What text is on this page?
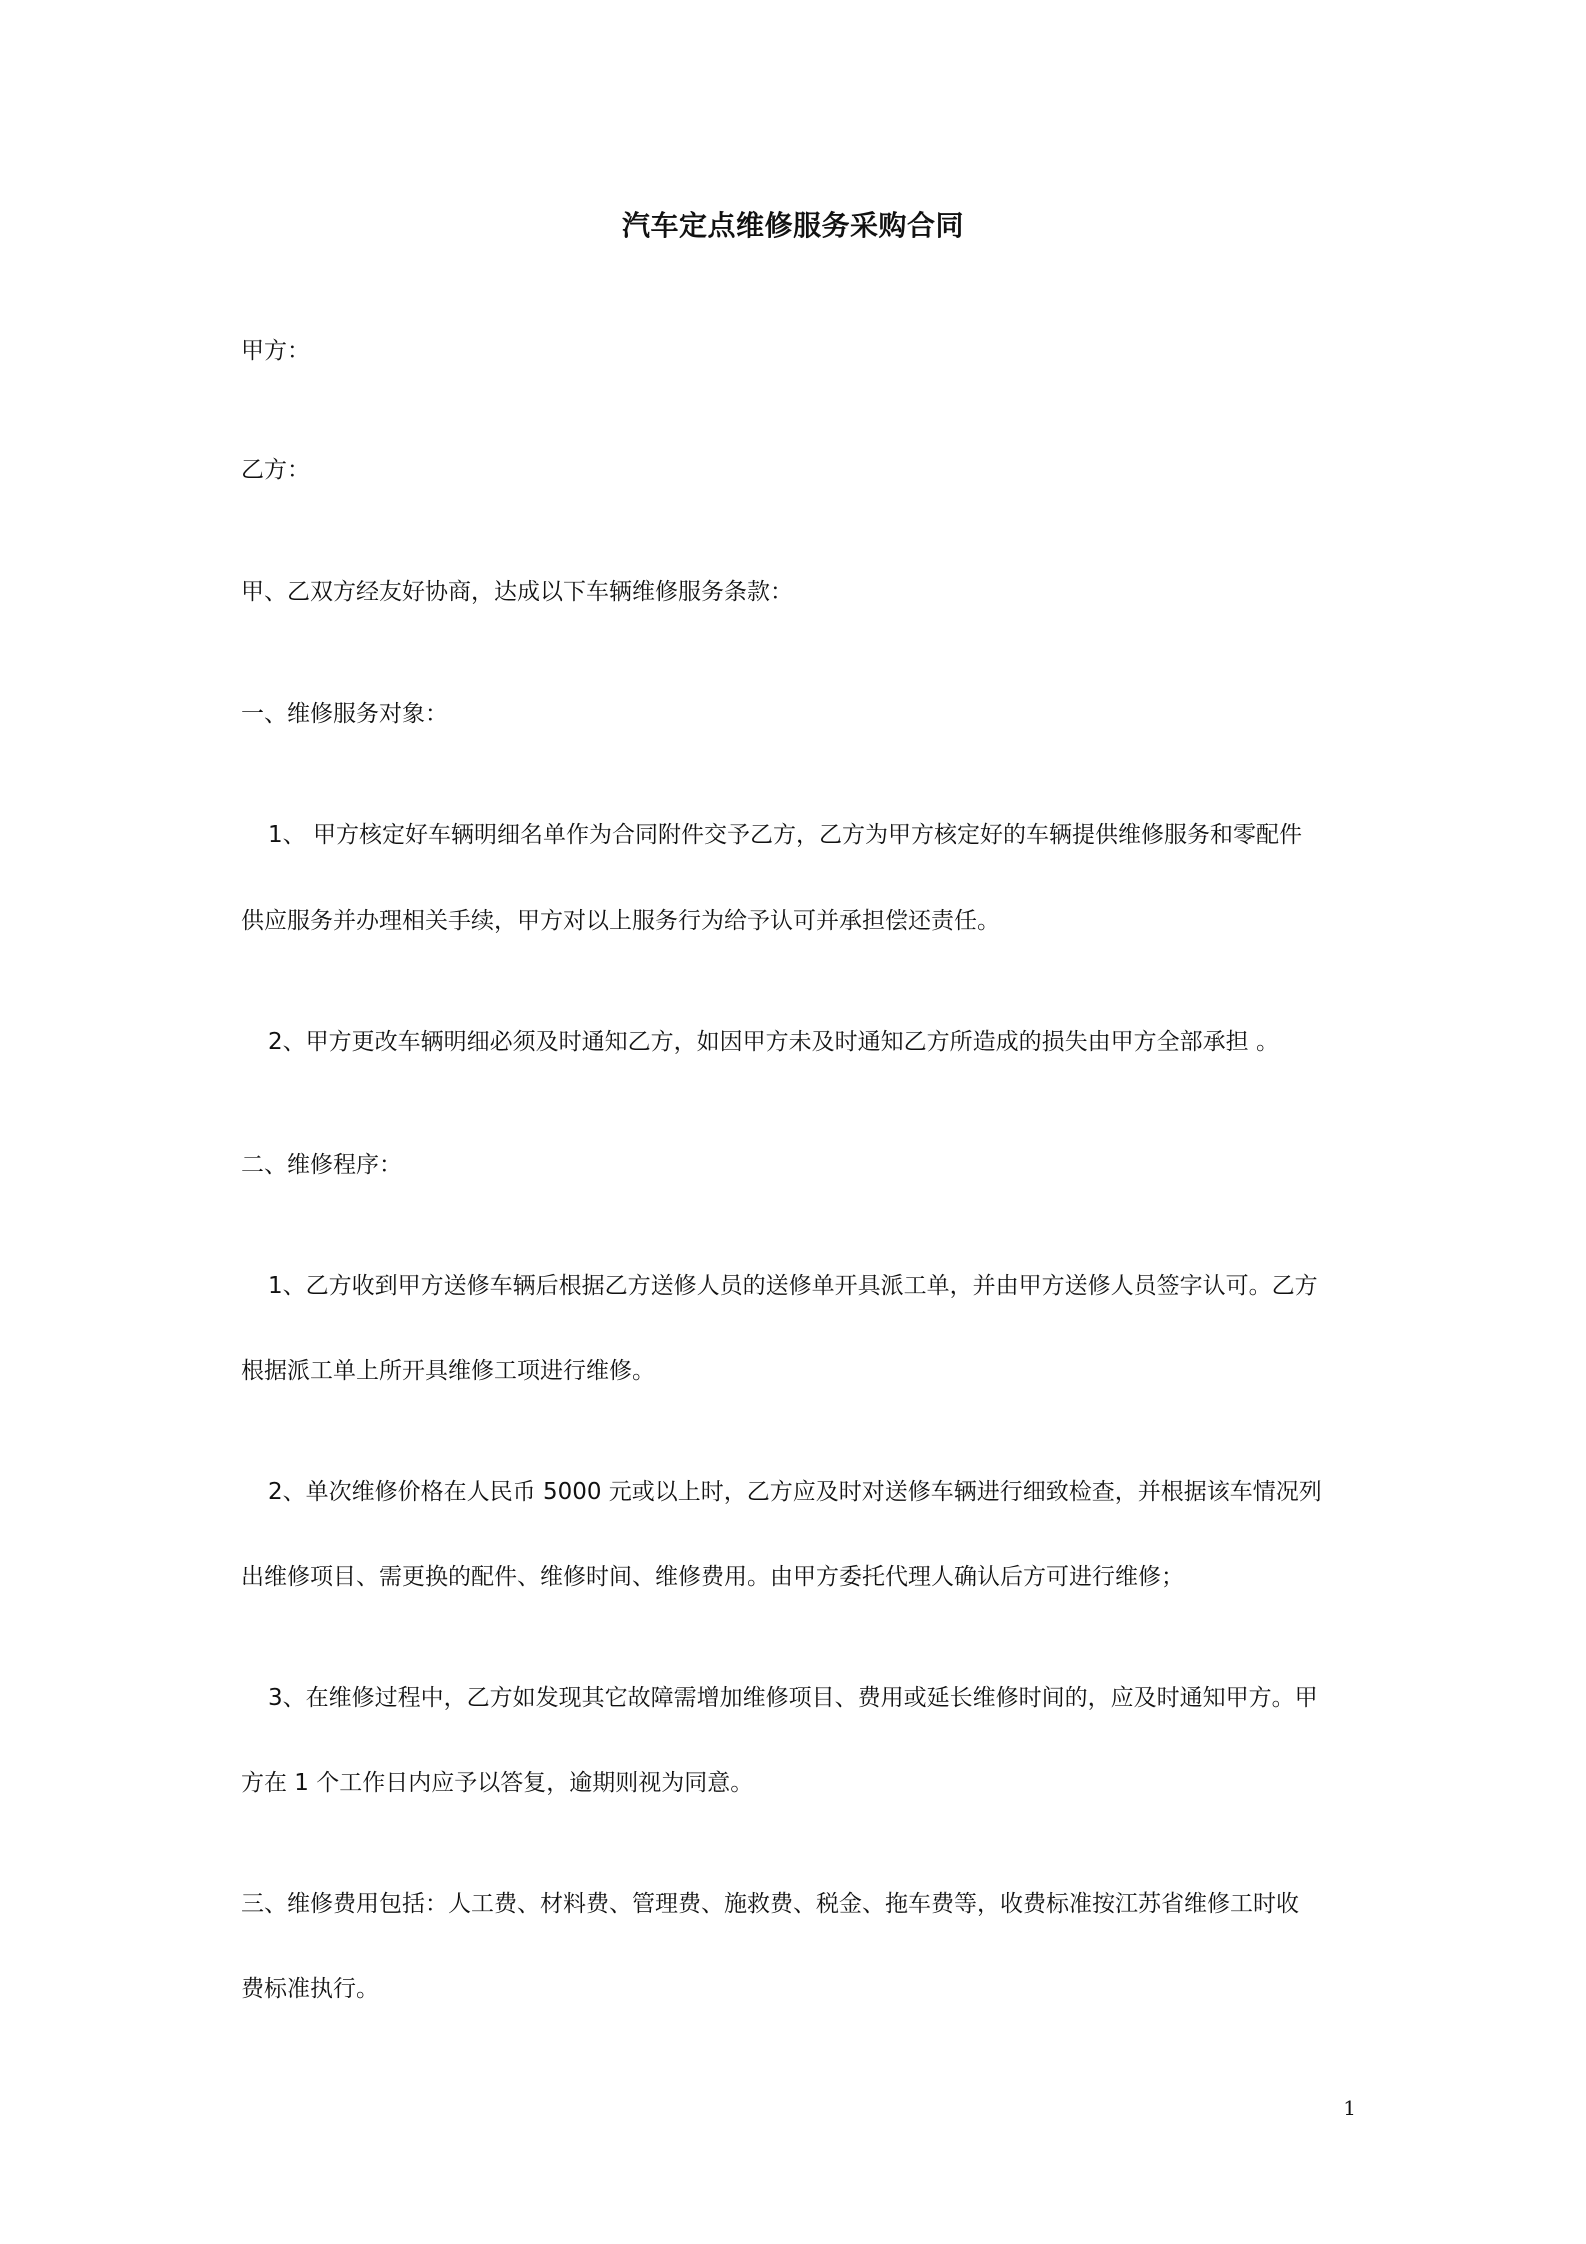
汽车定点维修服务采购合同
甲方：
乙方：
甲、乙双方经友好协商，达成以下车辆维修服务条款：
一、维修服务对象：
1、 甲方核定好车辆明细名单作为合同附件交予乙方，乙方为甲方核定好的车辆提供维修服务和零配件
供应服务并办理相关手续，甲方对以上服务行为给予认可并承担偿还责任。
2、甲方更改车辆明细必须及时通知乙方，如因甲方未及时通知乙方所造成的损失由甲方全部承担 。
二、维修程序：
1、乙方收到甲方送修车辆后根据乙方送修人员的送修单开具派工单，并由甲方送修人员签字认可。乙方
根据派工单上所开具维修工项进行维修。
2、单次维修价格在人民币 5000 元或以上时，乙方应及时对送修车辆进行细致检查，并根据该车情况列
出维修项目、需更换的配件、维修时间、维修费用。由甲方委托代理人确认后方可进行维修；
3、在维修过程中，乙方如发现其它故障需增加维修项目、费用或延长维修时间的，应及时通知甲方。甲
方在 1 个工作日内应予以答复，逾期则视为同意。
三、维修费用包括：人工费、材料费、管理费、施救费、税金、拖车费等，收费标准按江苏省维修工时收
费标准执行。
1
